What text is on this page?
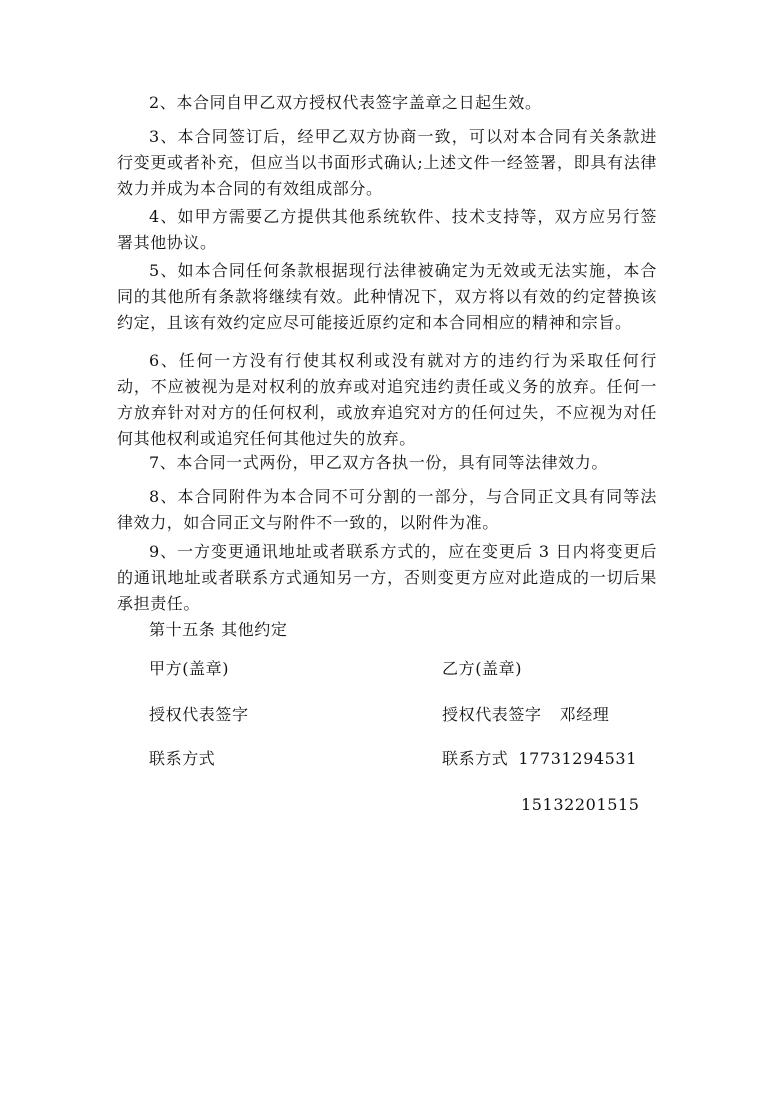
2、本合同自甲乙双方授权代表签字盖章之日起生效。

3、本合同签订后，经甲乙双方协商一致，可以对本合同有关条款进行变更或者补充，但应当以书面形式确认;上述文件一经签署，即具有法律效力并成为本合同的有效组成部分。

4、如甲方需要乙方提供其他系统软件、技术支持等，双方应另行签署其他协议。

5、如本合同任何条款根据现行法律被确定为无效或无法实施，本合同的其他所有条款将继续有效。此种情况下，双方将以有效的约定替换该约定，且该有效约定应尽可能接近原约定和本合同相应的精神和宗旨。

6、任何一方没有行使其权利或没有就对方的违约行为采取任何行动，不应被视为是对权利的放弃或对追究违约责任或义务的放弃。任何一方放弃针对对方的任何权利，或放弃追究对方的任何过失，不应视为对任何其他权利或追究任何其他过失的放弃。

7、本合同一式两份，甲乙双方各执一份，具有同等法律效力。

8、本合同附件为本合同不可分割的一部分，与合同正文具有同等法律效力，如合同正文与附件不一致的，以附件为准。

9、一方变更通讯地址或者联系方式的，应在变更后 3 日内将变更后的通讯地址或者联系方式通知另一方，否则变更方应对此造成的一切后果承担责任。

第十五条 其他约定

甲方(盖章)	乙方(盖章)

授权代表签字	授权代表签字 邓经理

联系方式	联系方式 17731294531

15132201515
